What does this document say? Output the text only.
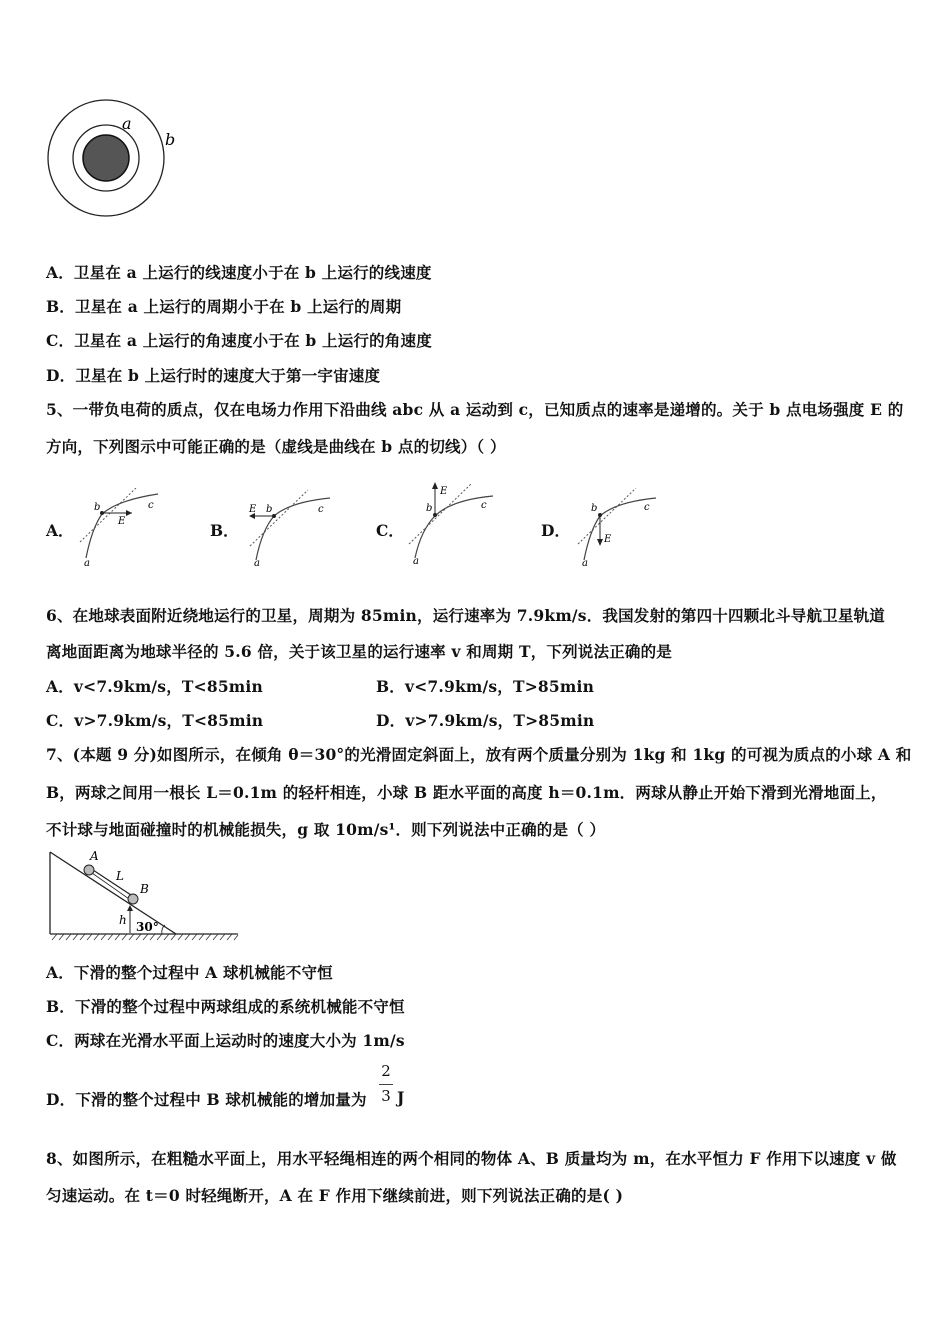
a
b
A．卫星在 a 上运行的线速度小于在 b 上运行的线速度
B．卫星在 a 上运行的周期小于在 b 上运行的周期
C．卫星在 a 上运行的角速度小于在 b 上运行的角速度
D．卫星在 b 上运行时的速度大于第一宇宙速度
5、一带负电荷的质点，仅在电场力作用下沿曲线 abc 从 a 运动到 c，已知质点的速率是递增的。关于 b 点电场强度 E 的
方向，下列图示中可能正确的是（虚线是曲线在 b 点的切线）（ ）
A．	B．	C．	D．
b
E
c
a
E b	c
a
E
b	c
a
b
E
c
a
6、在地球表面附近绕地运行的卫星，周期为 85min，运行速率为 7.9km/s．我国发射的第四十四颗北斗导航卫星轨道
离地面距离为地球半径的 5.6 倍，关于该卫星的运行速率 v 和周期 T，下列说法正确的是
A．v<7.9km/s，T<85min	B．v<7.9km/s，T>85min
C．v>7.9km/s，T<85min	D．v>7.9km/s，T>85min
7、(本题 9 分)如图所示，在倾角 θ＝30°的光滑固定斜面上，放有两个质量分别为 1kg 和 1kg 的可视为质点的小球 A 和
B，两球之间用一根长 L＝0.1m 的轻杆相连，小球 B 距水平面的高度 h＝0.1m．两球从静止开始下滑到光滑地面上，
不计球与地面碰撞时的机械能损失，g 取 10m/s¹．则下列说法中正确的是（ ）
A
L
B
h 30°
A．下滑的整个过程中 A 球机械能不守恒
B．下滑的整个过程中两球组成的系统机械能不守恒
C．两球在光滑水平面上运动时的速度大小为 1m/s
D．下滑的整个过程中 B 球机械能的增加量为
2
3 J
8、如图所示，在粗糙水平面上，用水平轻绳相连的两个相同的物体 A、B 质量均为 m，在水平恒力 F 作用下以速度 v 做
匀速运动。在 t＝0 时轻绳断开，A 在 F 作用下继续前进，则下列说法正确的是( )
